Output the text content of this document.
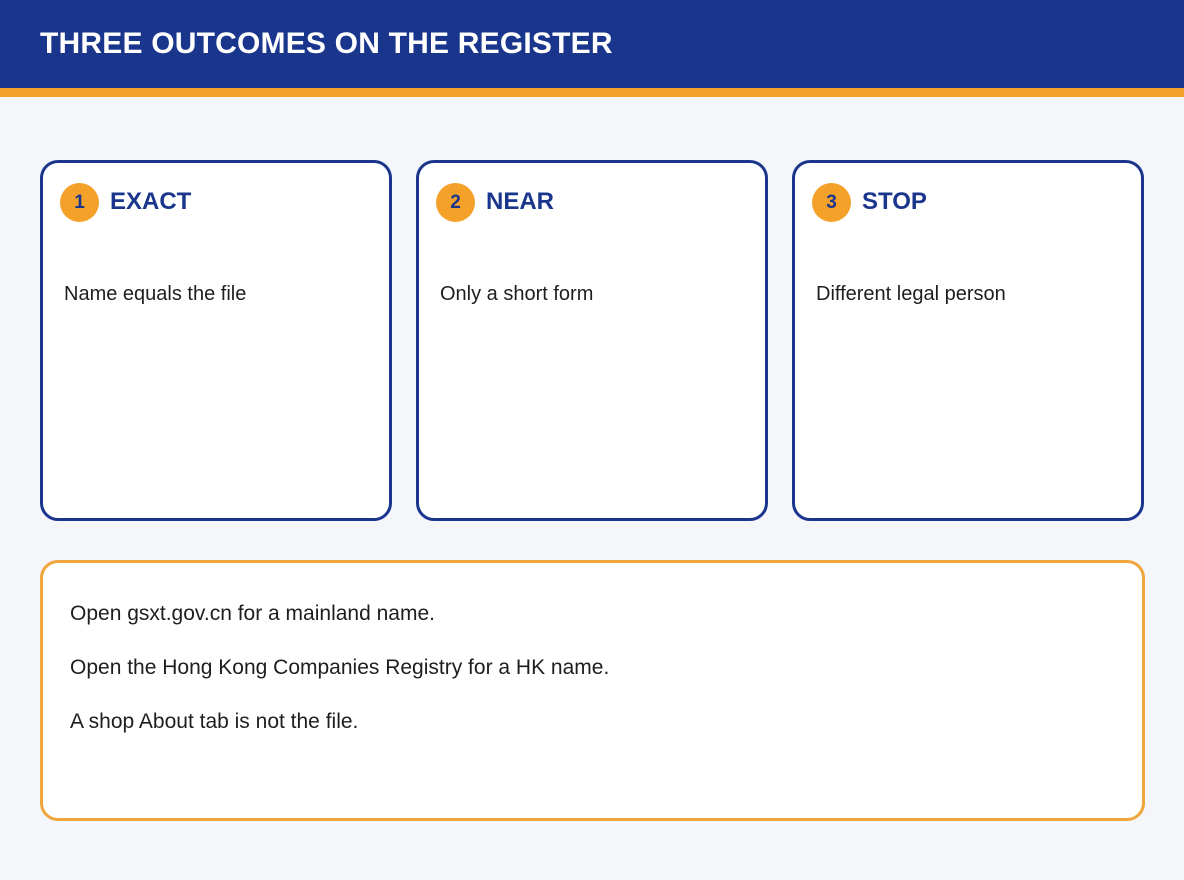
THREE OUTCOMES ON THE REGISTER
1	EXACT
Name equals the file
2	NEAR
Only a short form
3	STOP
Different legal person
Open gsxt.gov.cn for a mainland name.
Open the Hong Kong Companies Registry for a HK name.
A shop About tab is not the file.
